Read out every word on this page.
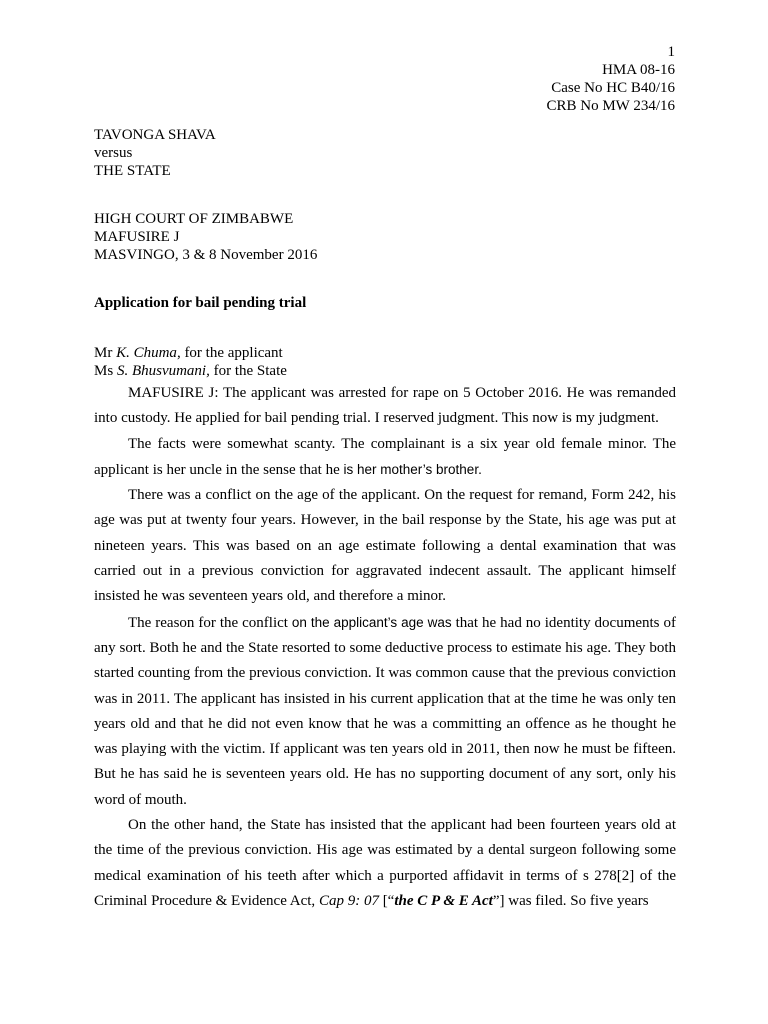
1
HMA 08-16
Case No HC B40/16
CRB No MW 234/16
TAVONGA SHAVA
versus
THE STATE
HIGH COURT OF ZIMBABWE
MAFUSIRE J
MASVINGO, 3 & 8 November 2016
Application for bail pending trial
Mr K. Chuma, for the applicant
Ms S. Bhusvumani, for the State

MAFUSIRE J: The applicant was arrested for rape on 5 October 2016. He was remanded into custody. He applied for bail pending trial. I reserved judgment. This now is my judgment.

The facts were somewhat scanty. The complainant is a six year old female minor. The applicant is her uncle in the sense that he is her mother’s brother.

There was a conflict on the age of the applicant. On the request for remand, Form 242, his age was put at twenty four years. However, in the bail response by the State, his age was put at nineteen years. This was based on an age estimate following a dental examination that was carried out in a previous conviction for aggravated indecent assault. The applicant himself insisted he was seventeen years old, and therefore a minor.

The reason for the conflict on the applicant’s age was that he had no identity documents of any sort. Both he and the State resorted to some deductive process to estimate his age. They both started counting from the previous conviction. It was common cause that the previous conviction was in 2011. The applicant has insisted in his current application that at the time he was only ten years old and that he did not even know that he was a committing an offence as he thought he was playing with the victim. If applicant was ten years old in 2011, then now he must be fifteen. But he has said he is seventeen years old. He has no supporting document of any sort, only his word of mouth.

On the other hand, the State has insisted that the applicant had been fourteen years old at the time of the previous conviction. His age was estimated by a dental surgeon following some medical examination of his teeth after which a purported affidavit in terms of s 278[2] of the Criminal Procedure & Evidence Act, Cap 9: 07 [“the C P & E Act”] was filed. So five years
